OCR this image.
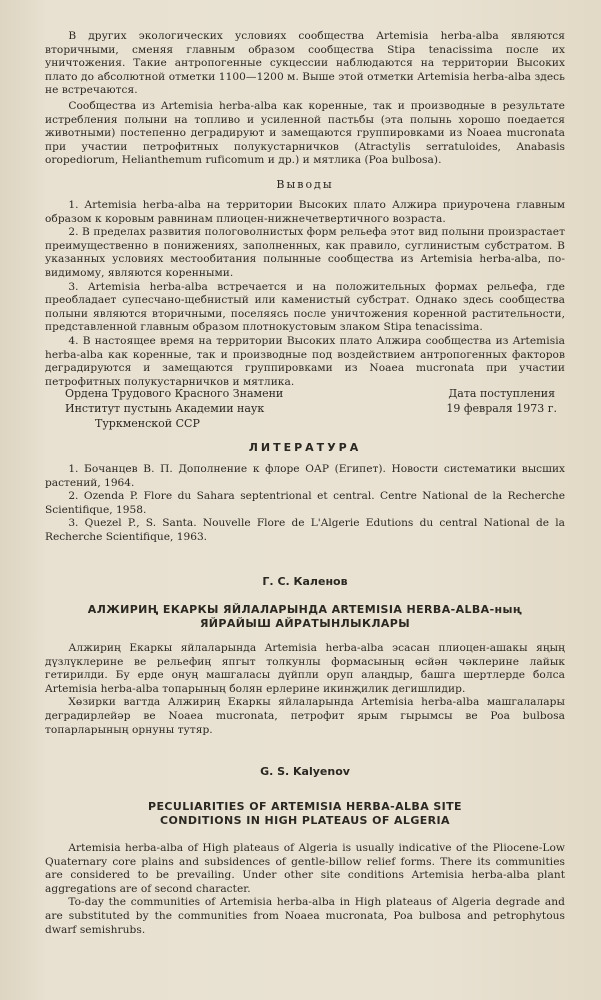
В других экологических условиях сообщества Artemisia herba-alba являются вторичными, сменяя главным образом сообщества Stipa tenacissima после их уничтожения. Такие антропогенные сукцессии наблюдаются на территории Высоких плато до абсолютной отметки 1100—1200 м. Выше этой отметки Artemisia herba-alba здесь не встречаются.

Сообщества из Artemisia herba-alba как коренные, так и производные в результате истребления полыни на топливо и усиленной пастьбы (эта полынь хорошо поедается животными) постепенно деградируют и замещаются группировками из Noaea mucronata при участии петрофитных полукустарничков (Atractylis serratuloides, Anabasis oropediorum, Helianthemum ruficomum и др.) и мятлика (Poa bulbosa).

Выводы

1. Artemisia herba-alba на территории Высоких плато Алжира приурочена главным образом к коровым равнинам плиоцен-нижнечетвертичного возраста.

2. В пределах развития пологоволнистых форм рельефа этот вид полыни произрастает преимущественно в понижениях, заполненных, как правило, суглинистым субстратом. В указанных условиях местообитания полынные сообщества из Artemisia herba-alba, по-видимому, являются коренными.

3. Artemisia herba-alba встречается и на положительных формах рельефа, где преобладает супесчано-щебнистый или каменистый субстрат. Однако здесь сообщества полыни являются вторичными, поселяясь после уничтожения коренной растительности, представленной главным образом плотнокустовым злаком Stipa tenacissima.

4. В настоящее время на территории Высоких плато Алжира сообщества из Artemisia herba-alba как коренные, так и производные под воздействием антропогенных факторов деградируются и замещаются группировками из Noaea mucronata при участии петрофитных полукустарничков и мятлика.

Ордена Трудового Красного Знамени
Институт пустынь Академии наук
Туркменской ССР
Дата поступления
19 февраля 1973 г.
ЛИТЕРАТУРА

1. Бочанцев В. П. Дополнение к флоре ОАР (Египет). Новости систематики высших растений, 1964.

2. Ozenda P. Flore du Sahara septentrional et central. Centre National de la Recherche Scientifique, 1958.

3. Quezel P., S. Santa. Nouvelle Flore de L'Algerie Edutions du central National de la Recherche Scientifique, 1963.

Г. С. Каленов

АЛЖИРИҢ ЕКАРКЫ ЯЙЛАЛАРЫНДА ARTEMISIA HERBA-ALBA-ның ЯЙРАЙЫШ АЙРАТЫНЛЫКЛАРЫ

Алжириң Екаркы яйлаларында Artemisia herba-alba эсасан плиоцен-ашакы яңың дүзлүклерине ве рельефиң япгыт толкунлы формасының өсйән чәклерине лайык гетирилди. Бу ерде онуң машгаласы дүйпли оруп алаңдыр, башга шертлерде болса Artemisia herba-alba топарының болян ерлерине икинҗилик дегишлидир.

Хөзирки вагтда Алжириң Екаркы яйлаларында Artemisia herba-alba машгалалары деградирлейәр ве Noaea mucronata, петрофит ярым гырымсы ве Poa bulbosa топарларының орнуны тутяр.

G. S. Kalyenov

PECULIARITIES OF ARTEMISIA HERBA-ALBA SITE CONDITIONS IN HIGH PLATEAUS OF ALGERIA

Artemisia herba-alba of High plateaus of Algeria is usually indicative of the Pliocene-Low Quaternary core plains and subsidences of gentle-billow relief forms. There its communities are considered to be prevailing. Under other site conditions Artemisia herba-alba plant aggregations are of second character.

To-day the communities of Artemisia herba-alba in High plateaus of Algeria degrade and are substituted by the communities from Noaea mucronata, Poa bulbosa and petrophytous dwarf semishrubs.
